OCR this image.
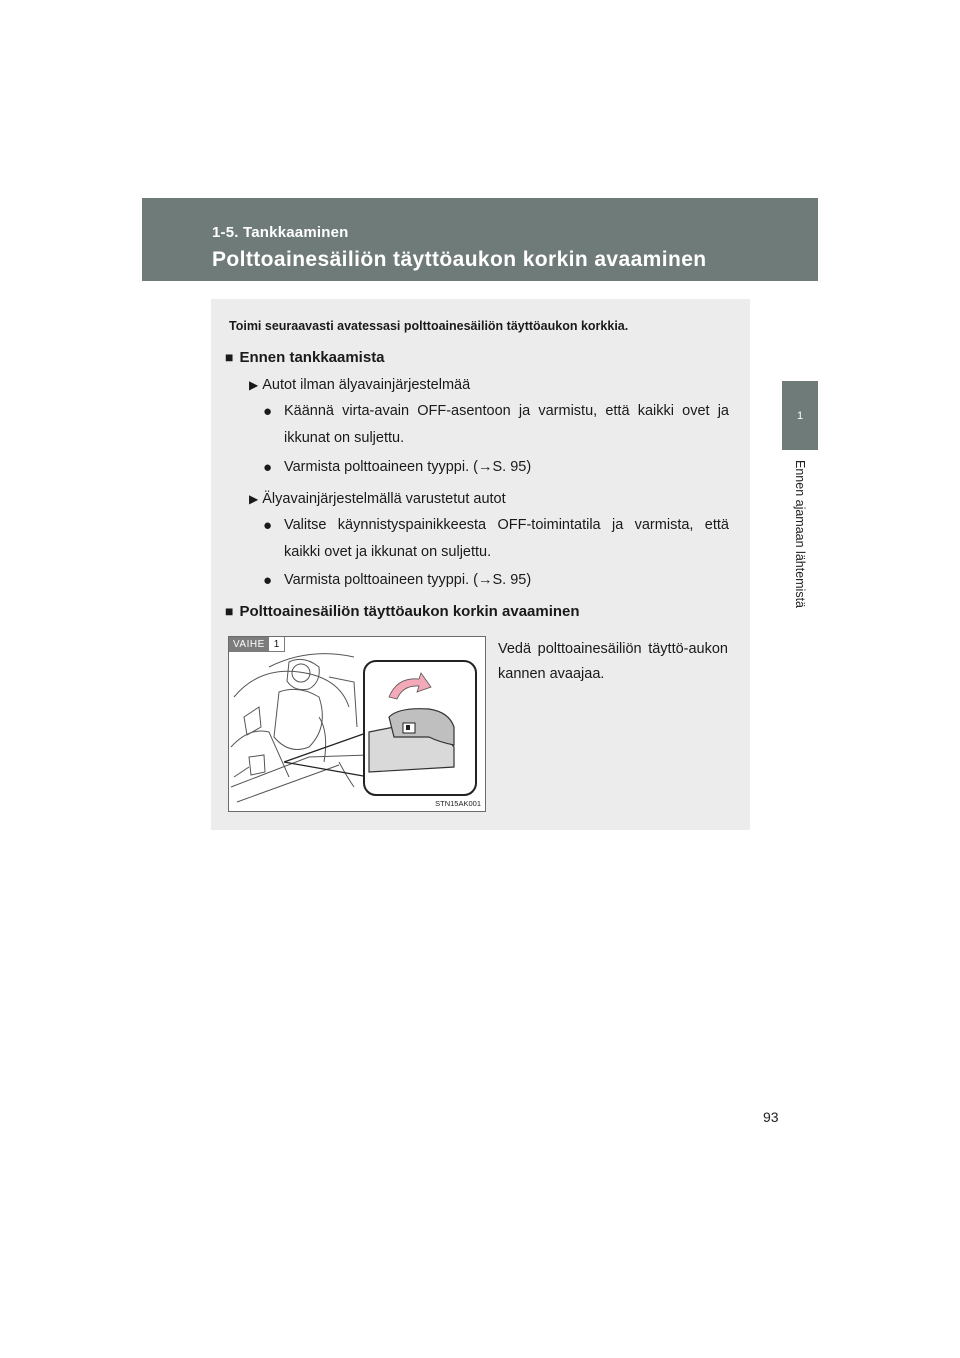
1-5. Tankkaaminen
Polttoainesäiliön täyttöaukon korkin avaaminen
1
Ennen ajamaan lähtemistä
Toimi seuraavasti avatessasi polttoainesäiliön täyttöaukon korkkia.
■ Ennen tankkaamista
▶ Autot ilman älyavainjärjestelmää
● Käännä virta-avain OFF-asentoon ja varmistu, että kaikki ovet ja ikkunat on suljettu.
● Varmista polttoaineen tyyppi. (→S. 95)
▶ Älyavainjärjestelmällä varustetut autot
● Valitse käynnistyspainikkeesta OFF-toimintatila ja varmista, että kaikki ovet ja ikkunat on suljettu.
● Varmista polttoaineen tyyppi. (→S. 95)
■ Polttoainesäiliön täyttöaukon korkin avaaminen
VAIHE 1
STN15AK001
Vedä polttoainesäiliön täyttö-aukon kannen avaajaa.
93
